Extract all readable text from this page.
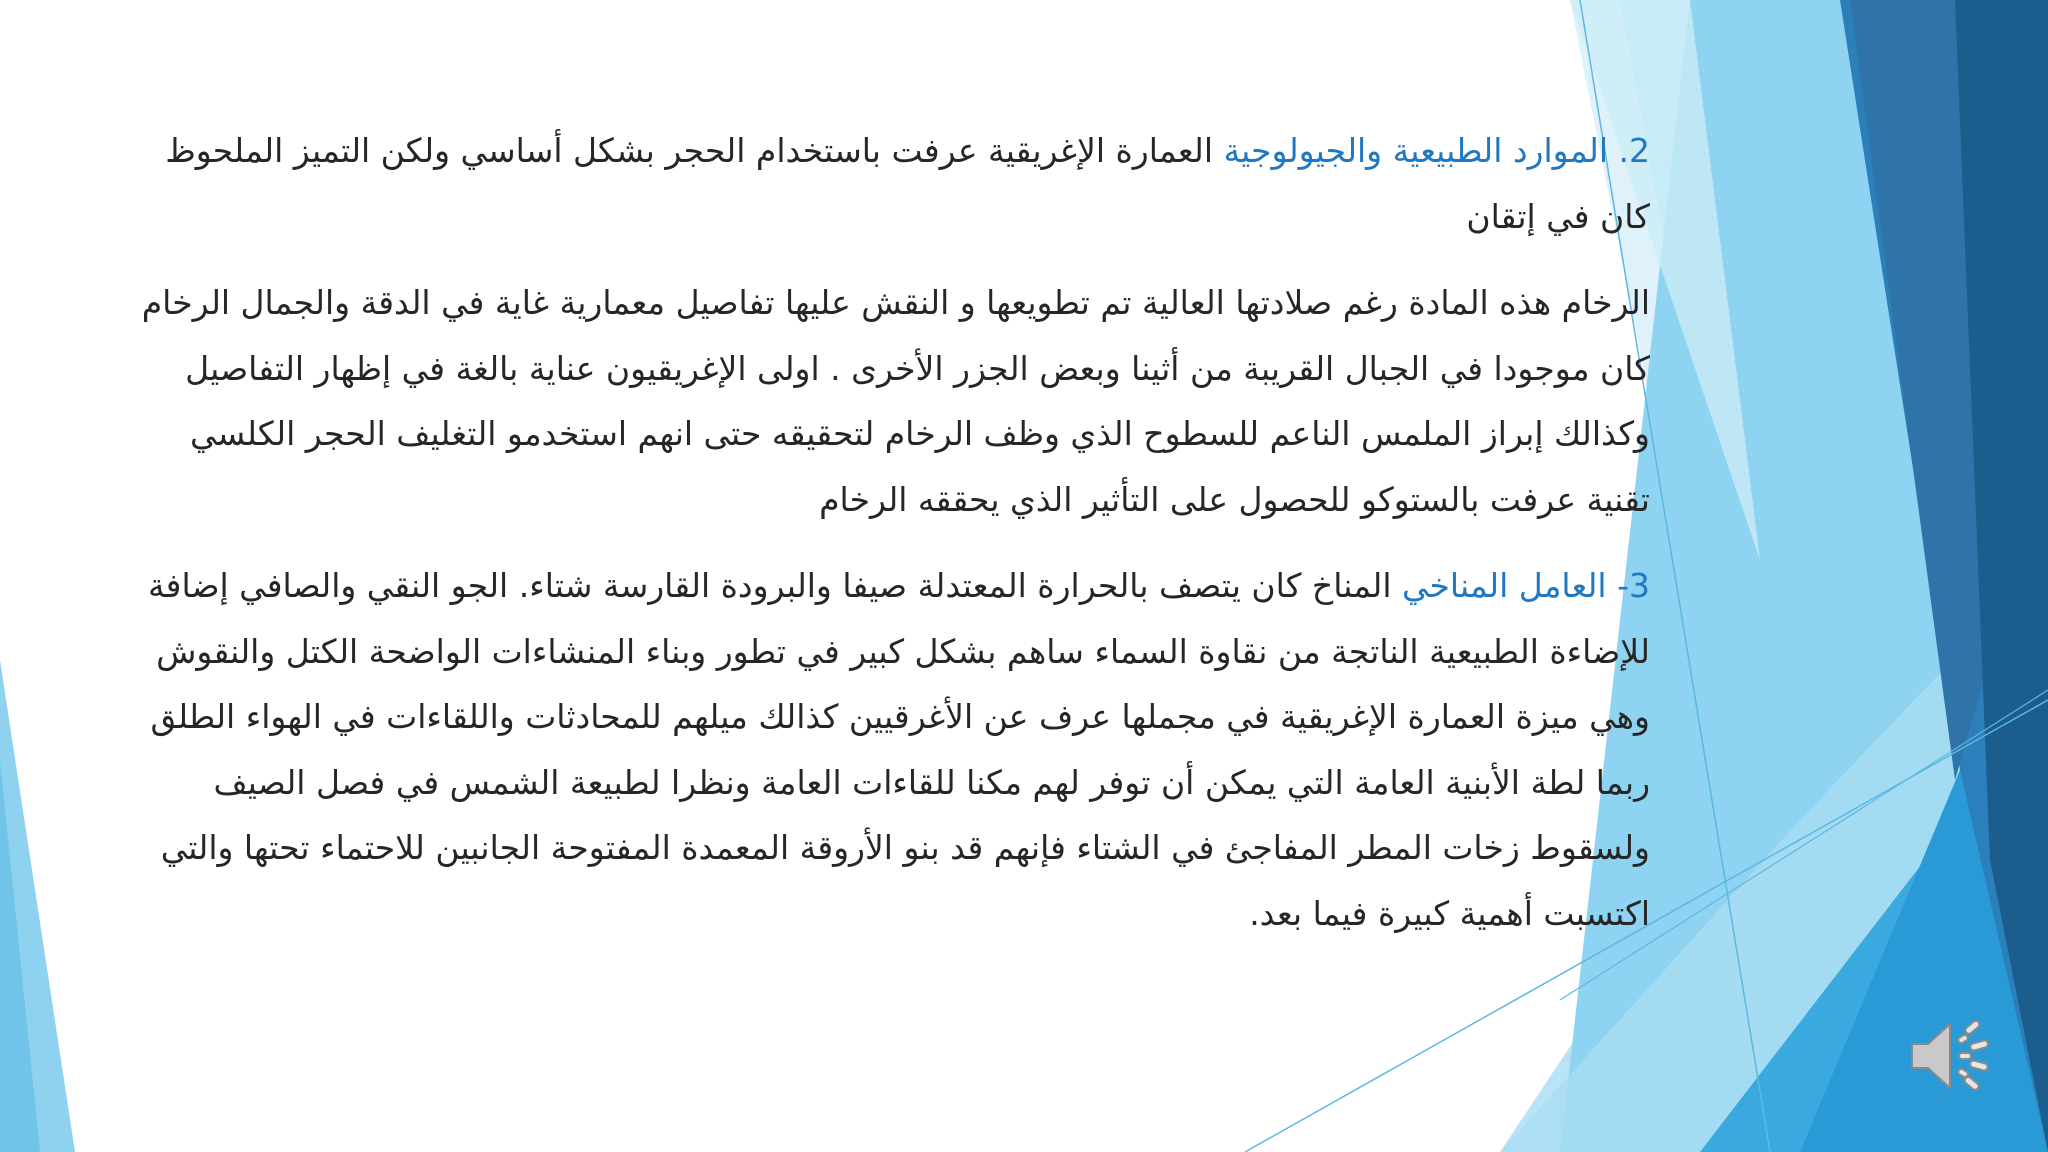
2. الموارد الطبيعية والجيولوجية العمارة الإغريقية عرفت باستخدام الحجر بشكل أساسي ولكن التميز الملحوظ كان في إتقان

الرخام هذه المادة رغم صلادتها العالية تم تطويعها و النقش عليها تفاصيل معمارية غاية في الدقة والجمال الرخام كان موجودا في الجبال القريبة من أثينا وبعض الجزر الأخرى . اولى الإغريقيون عناية بالغة في إظهار التفاصيل وكذالك إبراز الملمس الناعم للسطوح الذي وظف الرخام لتحقيقه حتى انهم استخدمو التغليف الحجر الكلسي تقنية عرفت بالستوكو للحصول على التأثير الذي يحققه الرخام

3- العامل المناخي المناخ كان يتصف بالحرارة المعتدلة صيفا والبرودة القارسة شتاء. الجو النقي والصافي إضافة للإضاءة الطبيعية الناتجة من نقاوة السماء ساهم بشكل كبير في تطور وبناء المنشاءات الواضحة الكتل والنقوش وهي ميزة العمارة الإغريقية في مجملها عرف عن الأغرقيين كذالك ميلهم للمحادثات واللقاءات في الهواء الطلق ربما لطة الأبنية العامة التي يمكن أن توفر لهم مكنا للقاءات العامة ونظرا لطبيعة الشمس في فصل الصيف ولسقوط زخات المطر المفاجئ في الشتاء فإنهم قد بنو الأروقة المعمدة المفتوحة الجانبين للاحتماء تحتها والتي اكتسبت أهمية كبيرة فيما بعد.
